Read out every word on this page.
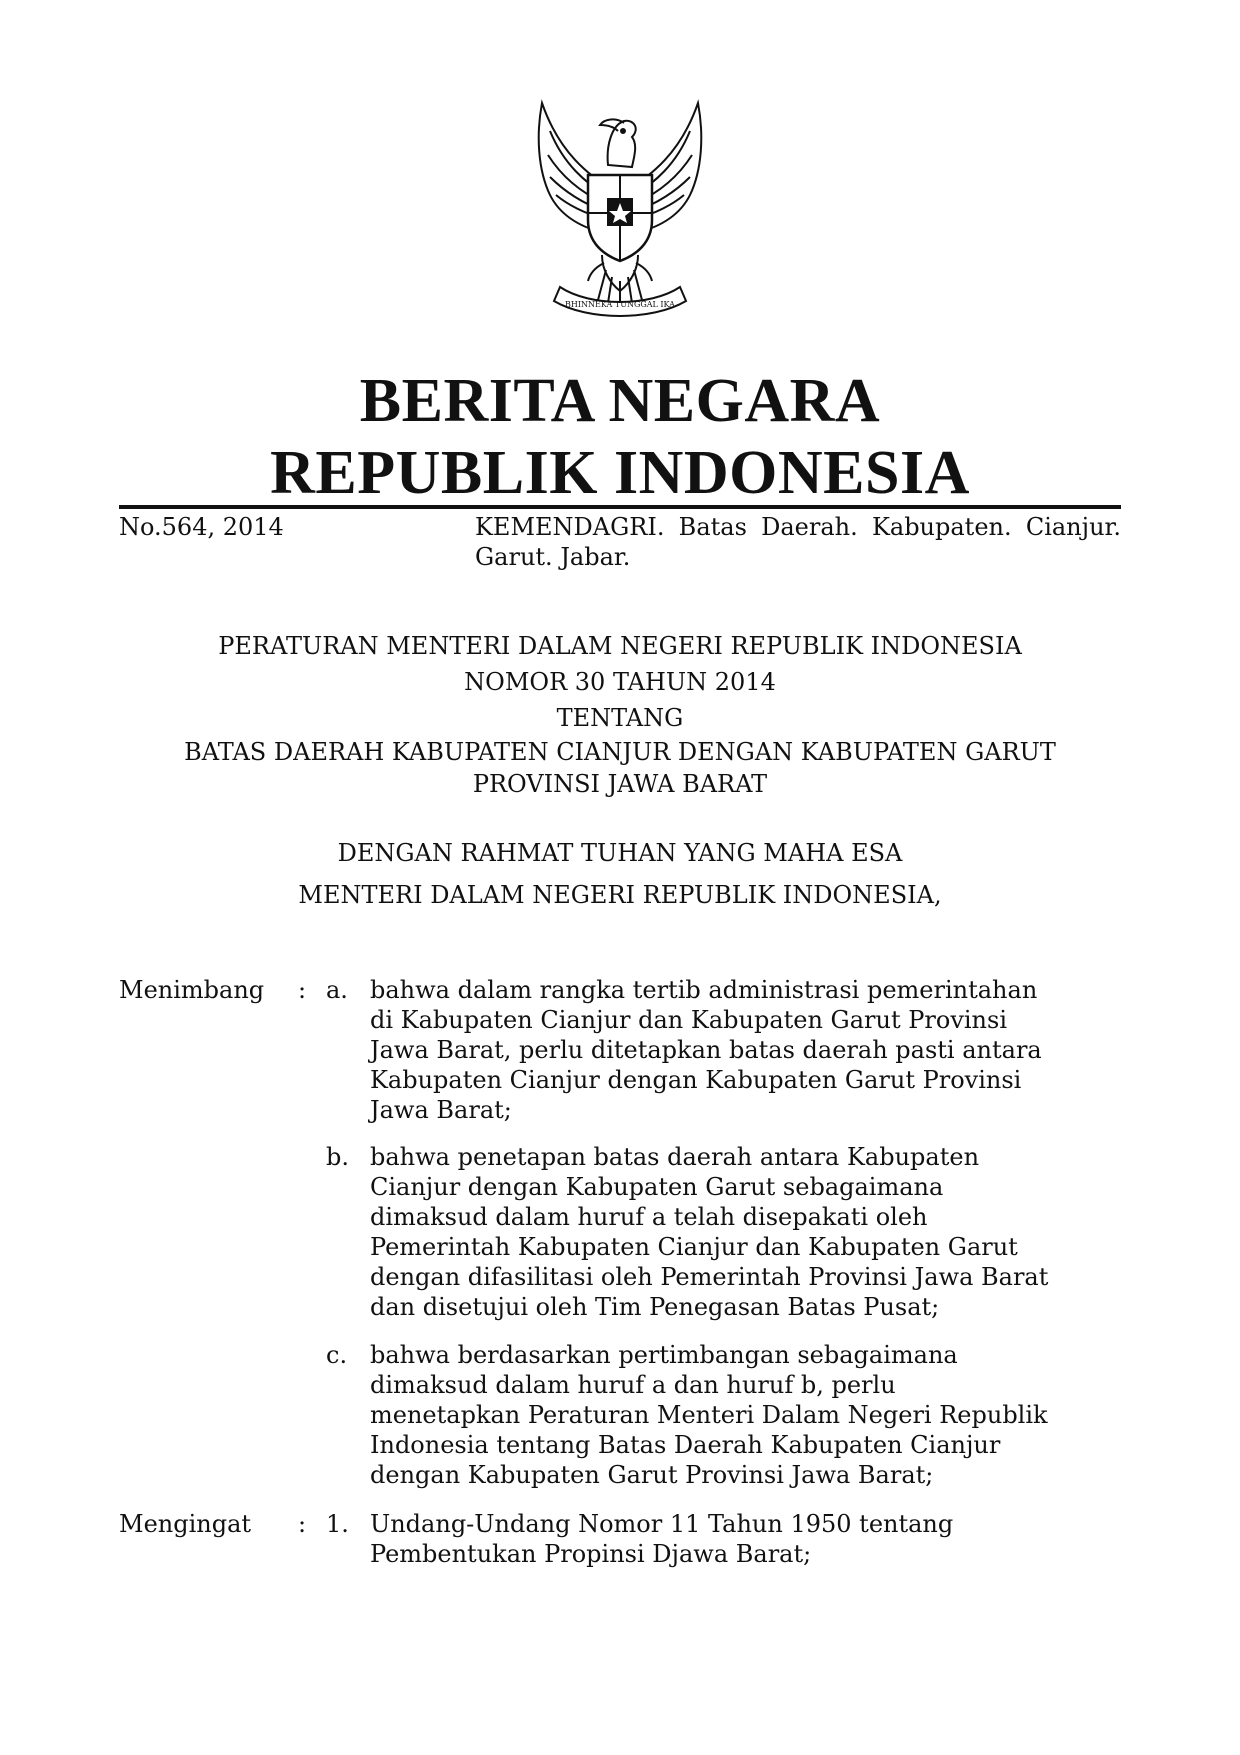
BHINNEKA TUNGGAL IKA
BERITA NEGARA
REPUBLIK INDONESIA
No.564, 2014	KEMENDAGRI. Batas Daerah. Kabupaten. Cianjur. Garut. Jabar.
PERATURAN MENTERI DALAM NEGERI REPUBLIK INDONESIA
NOMOR 30 TAHUN 2014
TENTANG
BATAS DAERAH KABUPATEN CIANJUR DENGAN KABUPATEN GARUT
PROVINSI JAWA BARAT
DENGAN RAHMAT TUHAN YANG MAHA ESA
MENTERI DALAM NEGERI REPUBLIK INDONESIA,
Menimbang : a. bahwa dalam rangka tertib administrasi pemerintahan
di Kabupaten Cianjur dan Kabupaten Garut Provinsi
Jawa Barat, perlu ditetapkan batas daerah pasti antara
Kabupaten Cianjur dengan Kabupaten Garut Provinsi
Jawa Barat;
b. bahwa penetapan batas daerah antara Kabupaten
Cianjur dengan Kabupaten Garut sebagaimana
dimaksud dalam huruf a telah disepakati oleh
Pemerintah Kabupaten Cianjur dan Kabupaten Garut
dengan difasilitasi oleh Pemerintah Provinsi Jawa Barat
dan disetujui oleh Tim Penegasan Batas Pusat;
c. bahwa berdasarkan pertimbangan sebagaimana
dimaksud dalam huruf a dan huruf b, perlu
menetapkan Peraturan Menteri Dalam Negeri Republik
Indonesia tentang Batas Daerah Kabupaten Cianjur
dengan Kabupaten Garut Provinsi Jawa Barat;
Mengingat : 1. Undang-Undang Nomor 11 Tahun 1950 tentang
Pembentukan Propinsi Djawa Barat;
